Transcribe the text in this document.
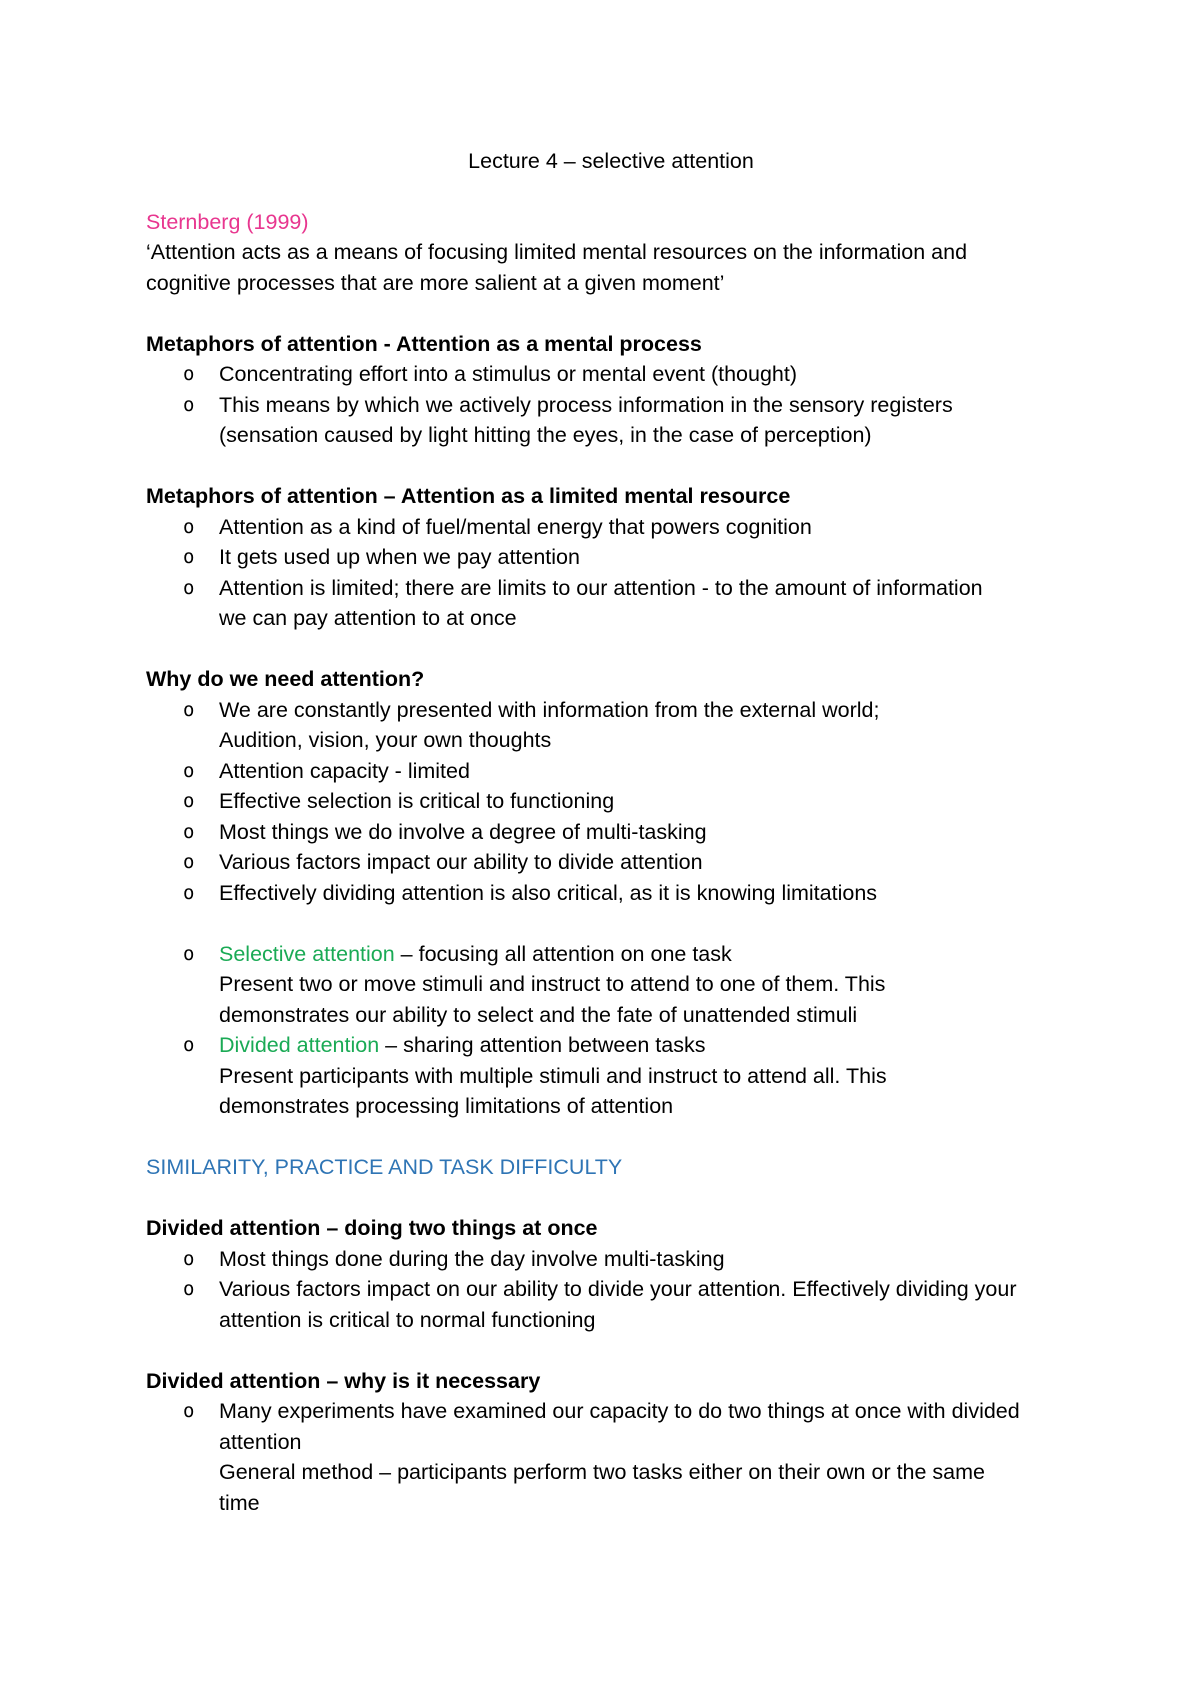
Lecture 4 – selective attention

Sternberg (1999)

‘Attention acts as a means of focusing limited mental resources on the information and

cognitive processes that are more salient at a given moment’

Metaphors of attention - Attention as a mental process

o Concentrating effort into a stimulus or mental event (thought)
o This means by which we actively process information in the sensory registers
(sensation caused by light hitting the eyes, in the case of perception)

Metaphors of attention – Attention as a limited mental resource

o Attention as a kind of fuel/mental energy that powers cognition
o It gets used up when we pay attention
o Attention is limited; there are limits to our attention - to the amount of information
we can pay attention to at once

Why do we need attention?

o We are constantly presented with information from the external world;
Audition, vision, your own thoughts
o Attention capacity - limited
o Effective selection is critical to functioning
o Most things we do involve a degree of multi-tasking
o Various factors impact our ability to divide attention
o Effectively dividing attention is also critical, as it is knowing limitations
o Selective attention – focusing all attention on one task
Present two or move stimuli and instruct to attend to one of them. This
demonstrates our ability to select and the fate of unattended stimuli
o Divided attention – sharing attention between tasks
Present participants with multiple stimuli and instruct to attend all. This
demonstrates processing limitations of attention

SIMILARITY, PRACTICE AND TASK DIFFICULTY

Divided attention – doing two things at once

o Most things done during the day involve multi-tasking
o Various factors impact on our ability to divide your attention. Effectively dividing your
attention is critical to normal functioning

Divided attention – why is it necessary

o Many experiments have examined our capacity to do two things at once with divided
attention
General method – participants perform two tasks either on their own or the same
time
